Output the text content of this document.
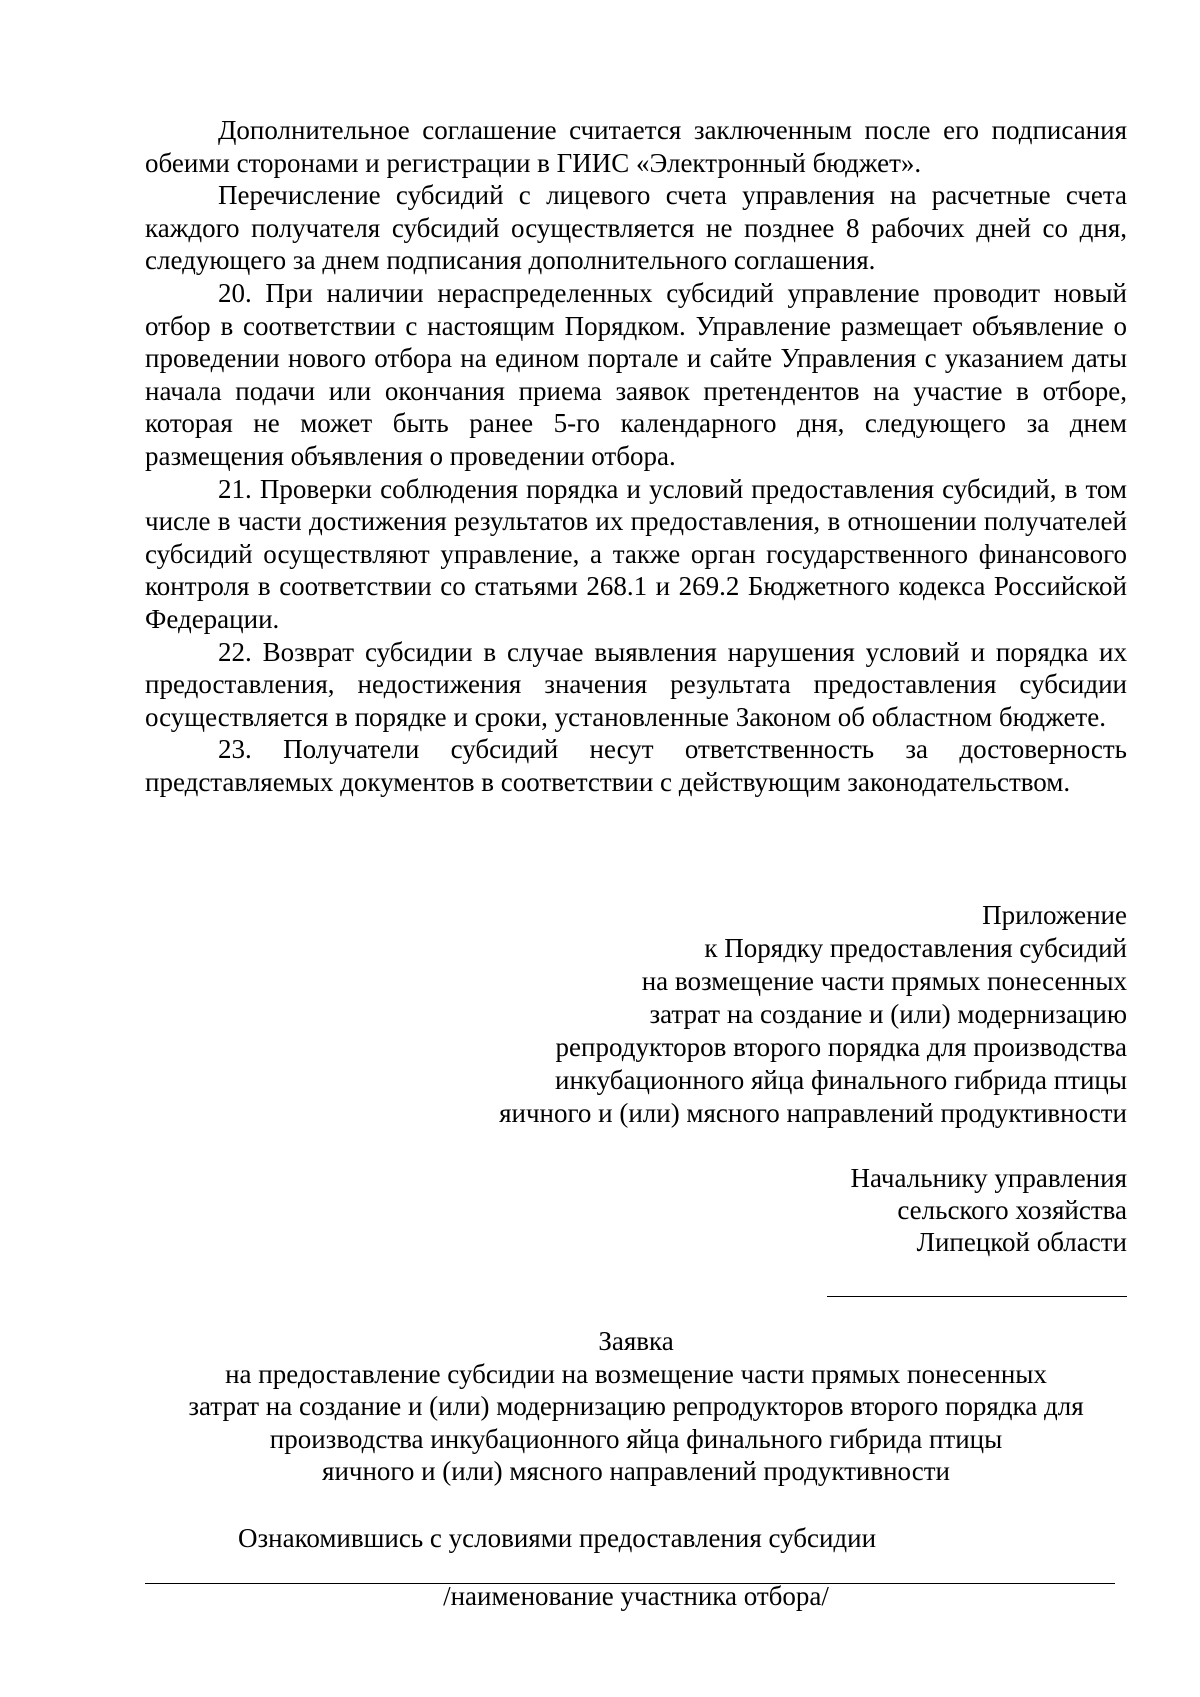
Дополнительное соглашение считается заключенным после его подписания обеими сторонами и регистрации в ГИИС «Электронный бюджет».

Перечисление субсидий с лицевого счета управления на расчетные счета каждого получателя субсидий осуществляется не позднее 8 рабочих дней со дня, следующего за днем подписания дополнительного соглашения.

20. При наличии нераспределенных субсидий управление проводит новый отбор в соответствии с настоящим Порядком. Управление размещает объявление о проведении нового отбора на едином портале и сайте Управления с указанием даты начала подачи или окончания приема заявок претендентов на участие в отборе, которая не может быть ранее 5-го календарного дня, следующего за днем размещения объявления о проведении отбора.

21. Проверки соблюдения порядка и условий предоставления субсидий, в том числе в части достижения результатов их предоставления, в отношении получателей субсидий осуществляют управление, а также орган государственного финансового контроля в соответствии со статьями 268.1 и 269.2 Бюджетного кодекса Российской Федерации.

22. Возврат субсидии в случае выявления нарушения условий и порядка их предоставления, недостижения значения результата предоставления субсидии осуществляется в порядке и сроки, установленные Законом об областном бюджете.

23. Получатели субсидий несут ответственность за достоверность представляемых документов в соответствии с действующим законодательством.

Приложение
к Порядку предоставления субсидий
на возмещение части прямых понесенных
затрат на создание и (или) модернизацию
репродукторов второго порядка для производства
инкубационного яйца финального гибрида птицы
яичного и (или) мясного направлений продуктивности
Начальнику управления
сельского хозяйства
Липецкой области
Заявка
на предоставление субсидии на возмещение части прямых понесенных
затрат на создание и (или) модернизацию репродукторов второго порядка для
производства инкубационного яйца финального гибрида птицы
яичного и (или) мясного направлений продуктивности
Ознакомившись с условиями предоставления субсидии
/наименование участника отбора/
